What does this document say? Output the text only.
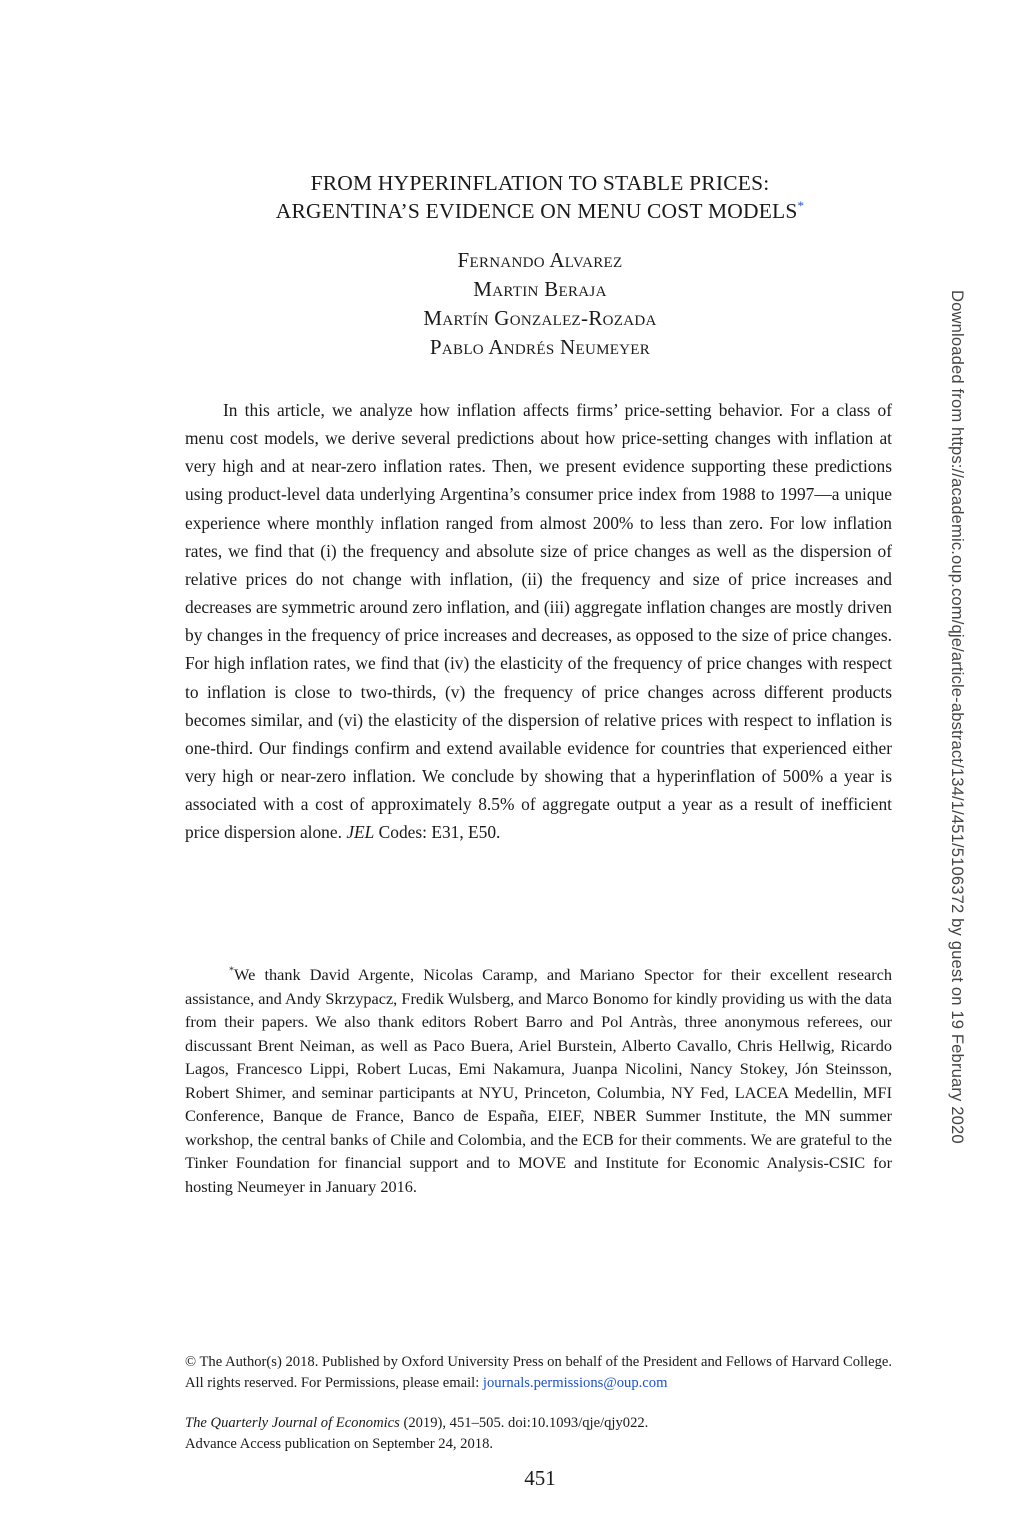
FROM HYPERINFLATION TO STABLE PRICES:
ARGENTINA’S EVIDENCE ON MENU COST MODELS*
Fernando Alvarez
Martin Beraja
Martín Gonzalez-Rozada
Pablo Andrés Neumeyer

In this article, we analyze how inflation affects firms’ price-setting behavior. For a class of menu cost models, we derive several predictions about how price-setting changes with inflation at very high and at near-zero inflation rates. Then, we present evidence supporting these predictions using product-level data underlying Argentina’s consumer price index from 1988 to 1997—a unique experience where monthly inflation ranged from almost 200% to less than zero. For low inflation rates, we find that (i) the frequency and absolute size of price changes as well as the dispersion of relative prices do not change with inflation, (ii) the frequency and size of price increases and decreases are symmetric around zero inflation, and (iii) aggregate inflation changes are mostly driven by changes in the frequency of price increases and decreases, as opposed to the size of price changes. For high inflation rates, we find that (iv) the elasticity of the frequency of price changes with respect to inflation is close to two-thirds, (v) the frequency of price changes across different products becomes similar, and (vi) the elasticity of the dispersion of relative prices with respect to inflation is one-third. Our findings confirm and extend available evidence for countries that experienced either very high or near-zero inflation. We conclude by showing that a hyperinflation of 500% a year is associated with a cost of approximately 8.5% of aggregate output a year as a result of inefficient price dispersion alone. JEL Codes: E31, E50.

*We thank David Argente, Nicolas Caramp, and Mariano Spector for their excellent research assistance, and Andy Skrzypacz, Fredik Wulsberg, and Marco Bonomo for kindly providing us with the data from their papers. We also thank editors Robert Barro and Pol Antràs, three anonymous referees, our discussant Brent Neiman, as well as Paco Buera, Ariel Burstein, Alberto Cavallo, Chris Hellwig, Ricardo Lagos, Francesco Lippi, Robert Lucas, Emi Nakamura, Juanpa Nicolini, Nancy Stokey, Jón Steinsson, Robert Shimer, and seminar participants at NYU, Princeton, Columbia, NY Fed, LACEA Medellin, MFI Conference, Banque de France, Banco de España, EIEF, NBER Summer Institute, the MN summer workshop, the central banks of Chile and Colombia, and the ECB for their comments. We are grateful to the Tinker Foundation for financial support and to MOVE and Institute for Economic Analysis-CSIC for hosting Neumeyer in January 2016.

© The Author(s) 2018. Published by Oxford University Press on behalf of the President and Fellows of Harvard College. All rights reserved. For Permissions, please email: journals.permissions@oup.com

The Quarterly Journal of Economics (2019), 451–505. doi:10.1093/qje/qjy022.

Advance Access publication on September 24, 2018.

451
Downloaded from https://academic.oup.com/qje/article-abstract/134/1/451/5106372 by guest on 19 February 2020
